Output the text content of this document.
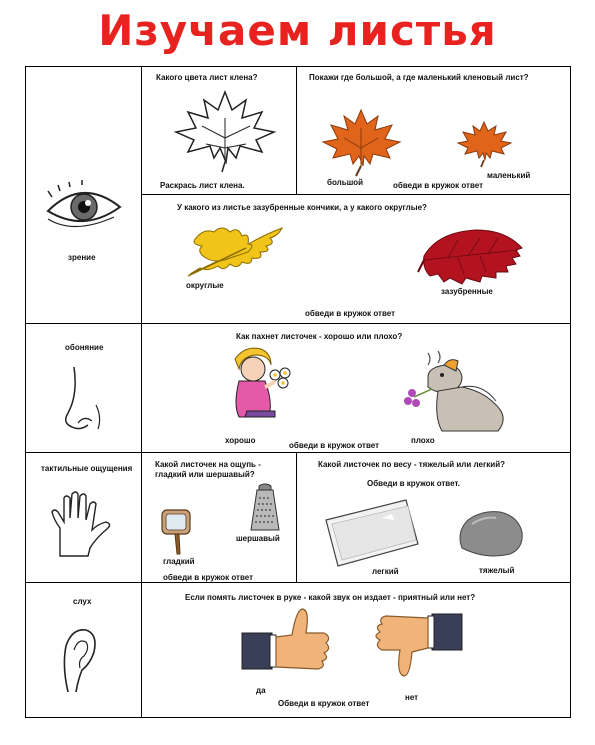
Изучаем листья
зрение
Какого цвета лист клена?
Раскрась лист клена.
Покажи где большой, а где маленький кленовый лист?
большой
маленький
обведи в кружок ответ
У какого из листье зазубренные кончики, а у какого округлые?
округлые
зазубренные
обведи в кружок ответ
обоняние
Как пахнет листочек - хорошо или плохо?
хорошо
обведи в кружок ответ
плохо
тактильные ощущения	Какой листочек на ощупь -
гладкий или шершавый?
гладкий
шершавый
обведи в кружок ответ
Какой листочек по весу - тяжелый или легкий?
Обведи в кружок ответ.
легкий	тяжелый
слух	Если помять листочек в руке - какой звук он издает - приятный или нет?
да
Обведи в кружок ответ
нет
